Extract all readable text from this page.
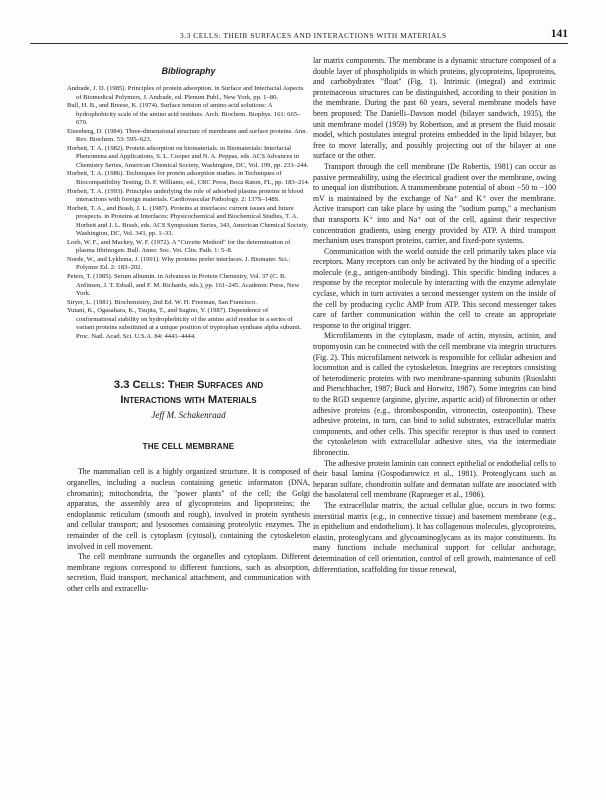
3.3 CELLS: THEIR SURFACES AND INTERACTIONS WITH MATERIALS	141
Bibliography

Andrade, J. D. (1985). Principles of protein adsorption. in Surface and Interfacial Aspects of Biomedical Polymers, J. Andrade, ed. Plenum Publ., New York, pp. 1–80.

Bull, H. B., and Breese, K. (1974). Surface tension of amino acid solutions: A hydrophobicity scale of the amino acid residues. Arch. Biochem. Biophys. 161: 665–670.

Eisenberg, D. (1984). Three-dimensional structure of membrane and surface proteins. Ann. Rev. Biochem. 53: 595–623.

Horbett, T. A. (1982). Protein adsorption on biomaterials. in Biomaterials: Interfacial Phenomena and Applications, S. L. Cooper and N. A. Peppas, eds. ACS Advances in Chemistry Series, American Chemical Society, Washington, DC, Vol. 199, pp. 233–244.

Horbett, T. A. (1986). Techniques for protein adsorption studies. in Techniques of Biocompatibility Testing, D. F. Williams, ed., CRC Press, Boca Raton, FL, pp. 183–214.

Horbett, T. A. (1993). Principles underlying the role of adsorbed plasma proteins in blood interactions with foreign materials. Cardiovascular Pathology. 2: 137S–148S.

Horbett, T. A., and Brash, J. L. (1987). Proteins at interfaces: current issues and future prospects. in Proteins at Interfaces: Physicochemical and Biochemical Studies, T. A. Horbett and J. L. Brash, eds. ACS Symposium Series, 343, American Chemical Society, Washington, DC, Vol. 343, pp. 1–33.

Loeb, W. F., and Mackey, W. F. (1972). A "Cuvette Method" for the determination of plasma fibrinogen. Bull. Amer. Soc. Vet. Clin. Path. 1: 5–8.

Norde, W., and Lyklema, J. (1991). Why proteins prefer interfaces. J. Biomater. Sci.: Polymer Ed. 2: 183–202.

Peters, T. (1985). Serum albumin. in Advances in Protein Chemistry, Vol. 37 (C. B. Anfinsen, J. T. Edsall, and F. M. Richards, eds.), pp. 161–245. Academic Press, New York.

Stryer, L. (1981). Biochemistry, 2nd Ed. W. H. Freeman, San Francisco.

Yutani, K., Ogasahara, K., Tsujita, T., and Sugino, Y. (1987). Dependence of conformational stability on hydrophobicity of the amino acid residue in a series of variant proteins substituted at a unique position of tryptophan synthase alpha subunit. Proc. Natl. Acad. Sci. U.S.A. 84: 4441–4444.

3.3 Cells: Their Surfaces and
Interactions with Materials
Jeff M. Schakenraad
THE CELL MEMBRANE

The mammalian cell is a highly organized structure. It is composed of organelles, including a nucleus containing genetic informaton (DNA, chromatin); mitochondria, the "power plants" of the cell; the Golgi apparatus, the assembly area of glycoproteins and lipoproteins; the endoplasmic reticulum (smooth and rough), involved in protein synthesis and cellular transport; and lysosomes containing proteolytic enzymes. The remainder of the cell is cytoplasm (cytosol), containing the cytoskeleton involved in cell movement.

The cell membrane surrounds the organelles and cytoplasm. Different membrane regions correspond to different functions, such as absorption, secretion, fluid transport, mechanical attachment, and communication with other cells and extracellu-

lar matrix components. The membrane is a dynamic structure composed of a double layer of phospholipids in which proteins, glycoproteins, lipoproteins, and carbohydrates "float" (Fig. 1). Intrinsic (integral) and extrinsic proteinaceous structures can be distinguished, according to their position in the membrane. During the past 60 years, several membrane models have been proposed: The Danielli–Davson model (bilayer sandwich, 1935), the unit membrane model (1959) by Robertson, and at present the fluid mosaic model, which postulates integral proteins embedded in the lipid bilayer, but free to move laterally, and possibly projecting out of the bilayer at one surface or the other.

Transport through the cell membrane (De Robertis, 1981) can occur as passive permeability, using the electrical gradient over the membrane, owing to unequal ion distribution. A transmembrane potential of about −50 to −100 mV is maintained by the exchange of Na⁺ and K⁺ over the membrane. Active transport can take place by using the "sodium pump," a mechanism that transports K⁺ into and Na⁺ out of the cell, against their respective concentration gradients, using energy provided by ATP. A third transport mechanism uses transport proteins, carrier, and fixed-pore systems.

Communication with the world outside the cell primarily takes place via receptors. Many receptors can only be activated by the binding of a specific molecule (e.g., antigen-antibody binding). This specific binding induces a response by the receptor molecule by interacting with the enzyme adenylate cyclase, which in turn activates a second messenger system on the inside of the cell by producing cyclic AMP from ATP. This second messenger takes care of farther communication within the cell to create an appropriate response to the original trigger.

Microfilaments in the cytoplasm, made of actin, myosin, actinin, and tropomyosin can be connected with the cell membrane via integrin structures (Fig. 2). This microfilament network is responsible for cellular adhesion and locomotion and is called the cytoskeleton. Integrins are receptors consisting of heterodimeric proteins with two membrane-spanning subunits (Ruoslahti and Pierschbacher, 1987; Buck and Horwitz, 1987). Some integrins can bind to the RGD sequence (arginine, glycine, aspartic acid) of fibronectin or other adhesive proteins (e.g., thrombospondin, vitronectin, osteopontin). These adhesive proteins, in turn, can bind to solid substrates, extracellular matrix components, and other cells. This specific receptor is thus used to connect the cytoskeleton with extracellular adhesive sites, via the intermediate fibronectin.

The adhesive protein laminin can connect epithelial or endothelial cells to their basal lamina (Gospodarowicz et al., 1981). Proteoglycans such as heparan sulfate, chondroitin sulfate and dermatan sulfate are associated with the basolateral cell membrane (Rapraeger et al., 1986).

The extracellular matrix, the actual cellular glue, occurs in two forms: interstitial matrix (e.g., in connective tissue) and basement membrane (e.g., in epithelium and endothelium). It has collagenous molecules, glycoproteins, elastin, proteoglycans and glycoaminoglycans as its major constituents. Its many functions include mechanical support for cellular anchorage, determination of cell orientation, control of cell growth, maintenance of cell differentiation, scaffolding for tissue renewal,
